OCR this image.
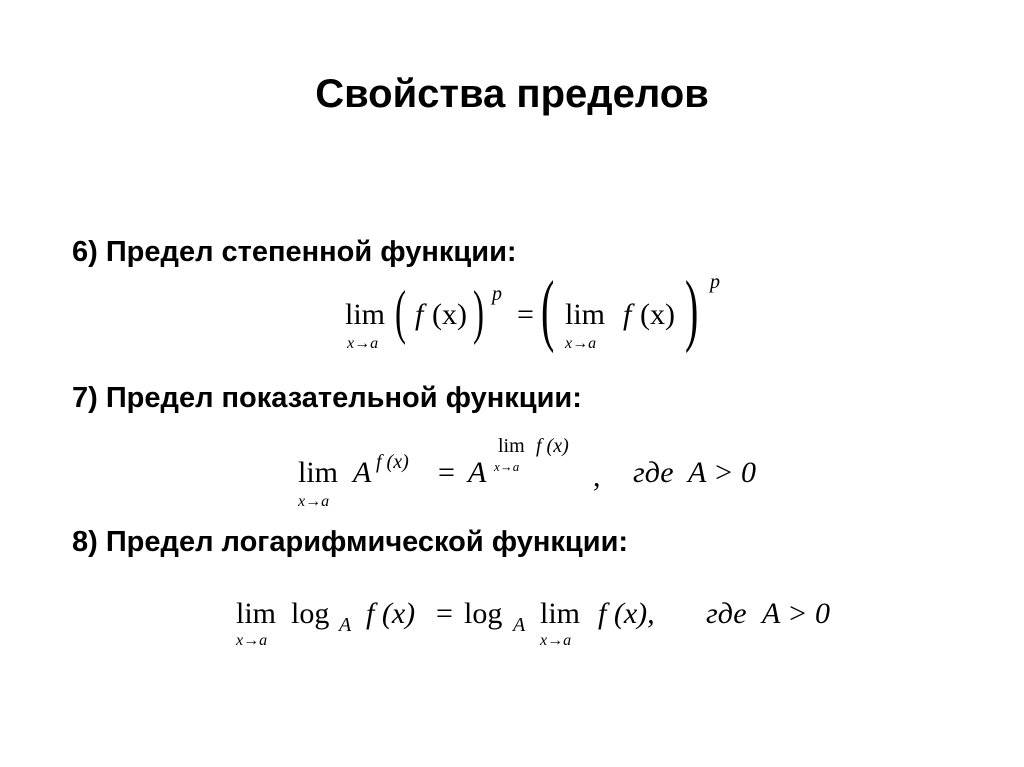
Свойства пределов
6) Предел степенной функции:
lim
x→a ( f (x) ) p
= ( lim
x→a
f (x) ) p
7) Предел показательной функции:
lim
x→a
A f (x) = A
lim f (x)
x→a , где A > 0
8) Предел логарифмической функции:
lim
x→a
log A f (x) = log A lim
x→a
f (x), где A > 0
